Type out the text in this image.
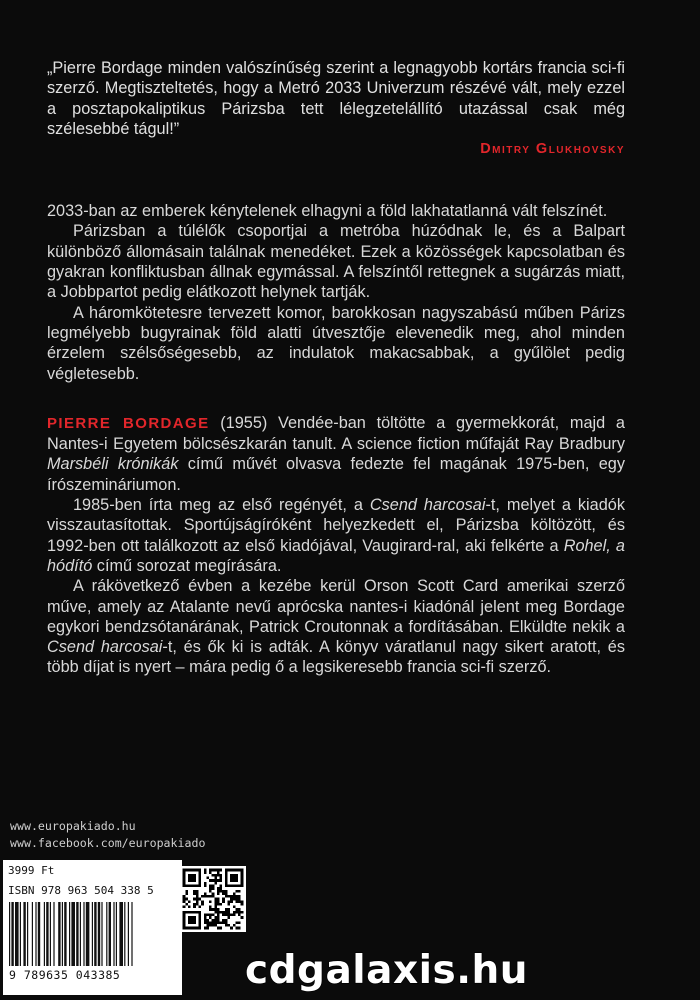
„Pierre Bordage minden valószínűség szerint a legnagyobb kortárs francia sci-fi szerző. Megtiszteltetés, hogy a Metró 2033 Univerzum részévé vált, mely ezzel a posztapokaliptikus Párizsba tett lélegzetelállító utazással csak még szélesebbé tágul!”

Dmitry Glukhovsky

2033-ban az emberek kénytelenek elhagyni a föld lakhatatlanná vált felszínét.

Párizsban a túlélők csoportjai a metróba húzódnak le, és a Balpart különböző állomásain találnak menedéket. Ezek a közösségek kapcsolatban és gyakran konfliktusban állnak egymással. A felszíntől rettegnek a sugárzás miatt, a Jobbpartot pedig elátkozott helynek tartják.

A háromkötetesre tervezett komor, barokkosan nagyszabású műben Párizs legmélyebb bugyrainak föld alatti útvesztője elevenedik meg, ahol minden érzelem szélsőségesebb, az indulatok makacsabbak, a gyűlölet pedig végletesebb.

PIERRE BORDAGE (1955) Vendée-ban töltötte a gyermekkorát, majd a Nantes-i Egyetem bölcsészkarán tanult. A science fiction műfaját Ray Bradbury Marsbéli krónikák című művét olvasva fedezte fel magának 1975-ben, egy írószemináriumon.

1985-ben írta meg az első regényét, a Csend harcosai-t, melyet a kiadók visszautasítottak. Sportújságíróként helyezkedett el, Párizsba költözött, és 1992-ben ott találkozott az első kiadójával, Vaugirard-ral, aki felkérte a Rohel, a hódító című sorozat megírására.

A rákövetkező évben a kezébe kerül Orson Scott Card amerikai szerző műve, amely az Atalante nevű aprócska nantes-i kiadónál jelent meg Bordage egykori bendzsótanárának, Patrick Croutonnak a fordításában. Elküldte nekik a Csend harcosai-t, és ők ki is adták. A könyv váratlanul nagy sikert aratott, és több díjat is nyert – mára pedig ő a legsikeresebb francia sci-fi szerző.

www.europakiado.hu
www.facebook.com/europakiado
3999 Ft
ISBN 978 963 504 338 5
9 789635 043385	cdgalaxis.hu
